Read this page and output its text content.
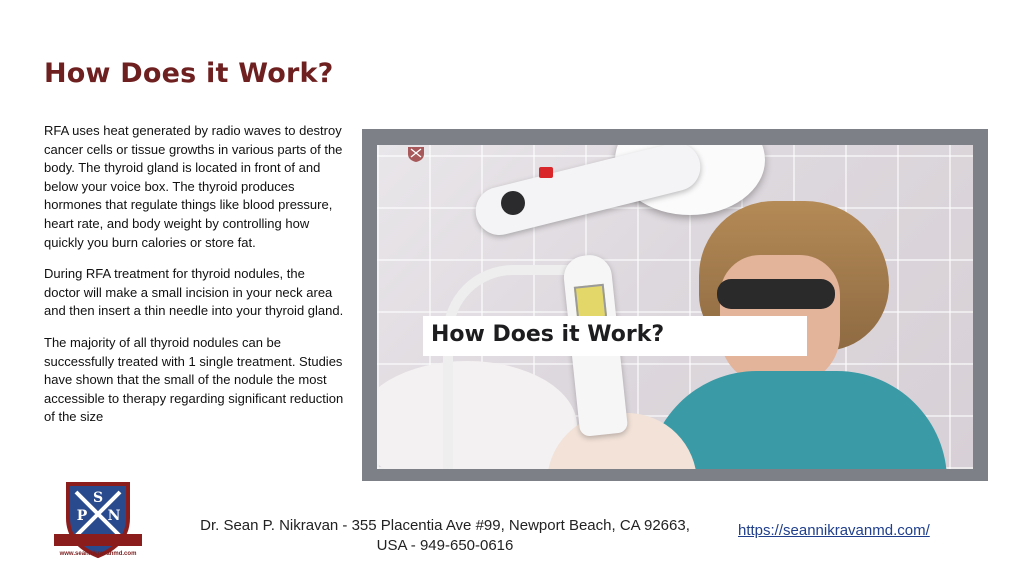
How Does it Work?

RFA uses heat generated by radio waves to destroy cancer cells or tissue growths in various parts of the body. The thyroid gland is located in front of and below your voice box. The thyroid produces hormones that regulate things like blood pressure, heart rate, and body weight by controlling how quickly you burn calories or store fat.

During RFA treatment for thyroid nodules, the doctor will make a small incision in your neck area and then insert a thin needle into your thyroid gland.

The majority of all thyroid nodules can be successfully treated with 1 single treatment. Studies have shown that the small of the nodule the most accessible to therapy regarding significant reduction of the size

How Does it Work?

S
P N
www.seannikravanmd.com
Dr. Sean P. Nikravan - 355 Placentia Ave #99, Newport Beach, CA 92663,
USA - 949-650-0616
https://seannikravanmd.com/
